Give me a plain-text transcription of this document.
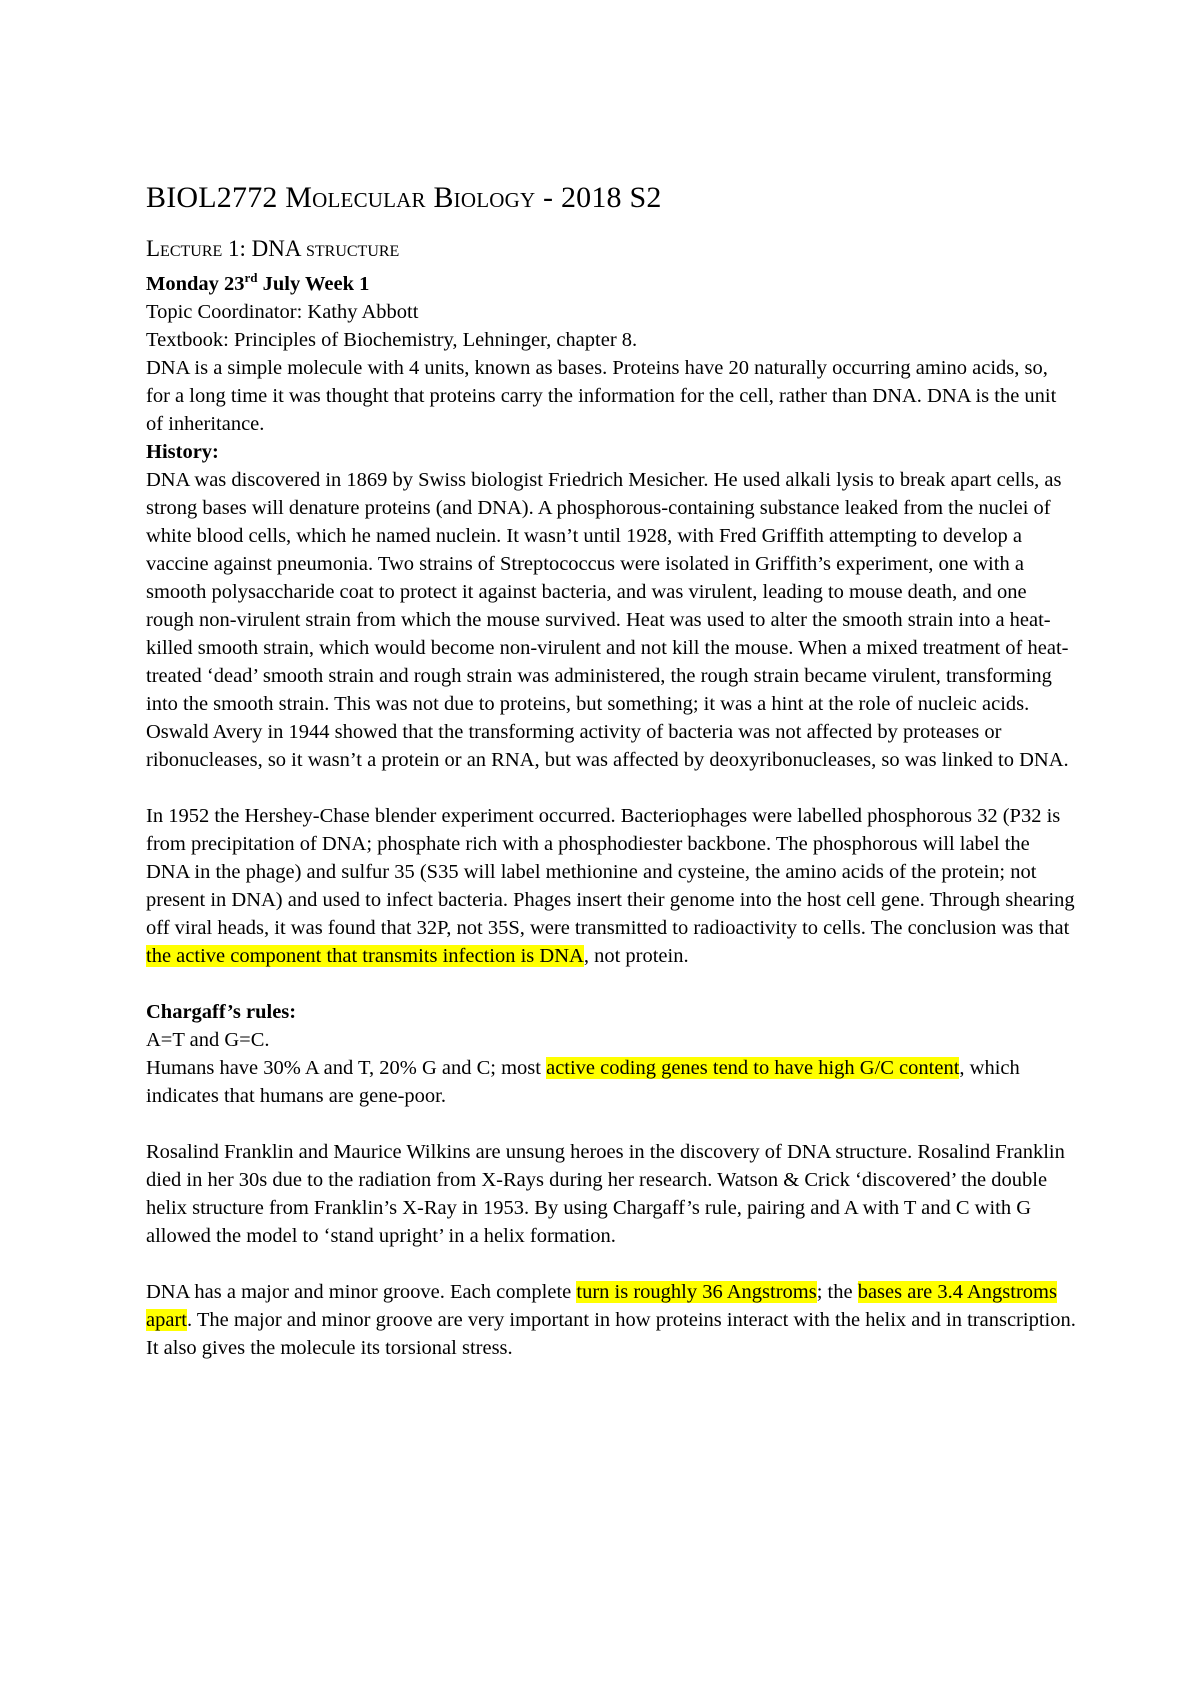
BIOL2772 Molecular Biology - 2018 S2
Lecture 1: DNA structure

Monday 23rd July Week 1

Topic Coordinator: Kathy Abbott

Textbook: Principles of Biochemistry, Lehninger, chapter 8.

DNA is a simple molecule with 4 units, known as bases. Proteins have 20 naturally occurring amino acids, so, for a long time it was thought that proteins carry the information for the cell, rather than DNA. DNA is the unit of inheritance.

History:

DNA was discovered in 1869 by Swiss biologist Friedrich Mesicher. He used alkali lysis to break apart cells, as strong bases will denature proteins (and DNA). A phosphorous-containing substance leaked from the nuclei of white blood cells, which he named nuclein. It wasn’t until 1928, with Fred Griffith attempting to develop a vaccine against pneumonia. Two strains of Streptococcus were isolated in Griffith’s experiment, one with a smooth polysaccharide coat to protect it against bacteria, and was virulent, leading to mouse death, and one rough non-virulent strain from which the mouse survived. Heat was used to alter the smooth strain into a heat-killed smooth strain, which would become non-virulent and not kill the mouse. When a mixed treatment of heat-treated ‘dead’ smooth strain and rough strain was administered, the rough strain became virulent, transforming into the smooth strain. This was not due to proteins, but something; it was a hint at the role of nucleic acids.

Oswald Avery in 1944 showed that the transforming activity of bacteria was not affected by proteases or ribonucleases, so it wasn’t a protein or an RNA, but was affected by deoxyribonucleases, so was linked to DNA.

In 1952 the Hershey-Chase blender experiment occurred. Bacteriophages were labelled phosphorous 32 (P32 is from precipitation of DNA; phosphate rich with a phosphodiester backbone. The phosphorous will label the DNA in the phage) and sulfur 35 (S35 will label methionine and cysteine, the amino acids of the protein; not present in DNA) and used to infect bacteria. Phages insert their genome into the host cell gene. Through shearing off viral heads, it was found that 32P, not 35S, were transmitted to radioactivity to cells. The conclusion was that the active component that transmits infection is DNA, not protein.

Chargaff’s rules:

A=T and G=C.

Humans have 30% A and T, 20% G and C; most active coding genes tend to have high G/C content, which indicates that humans are gene-poor.

Rosalind Franklin and Maurice Wilkins are unsung heroes in the discovery of DNA structure. Rosalind Franklin died in her 30s due to the radiation from X-Rays during her research. Watson & Crick ‘discovered’ the double helix structure from Franklin’s X-Ray in 1953. By using Chargaff’s rule, pairing and A with T and C with G allowed the model to ‘stand upright’ in a helix formation.

DNA has a major and minor groove. Each complete turn is roughly 36 Angstroms; the bases are 3.4 Angstroms apart. The major and minor groove are very important in how proteins interact with the helix and in transcription. It also gives the molecule its torsional stress.
